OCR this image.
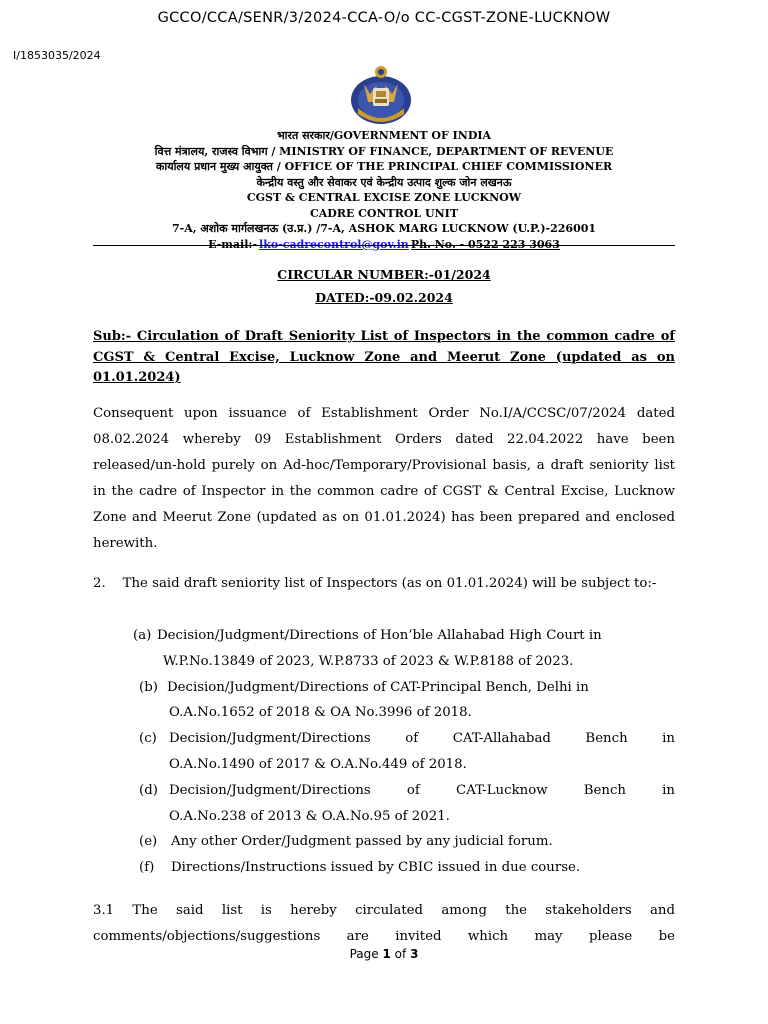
GCCO/CCA/SENR/3/2024-CCA-O/o CC-CGST-ZONE-LUCKNOW
I/1853035/2024
भारत सरकार/GOVERNMENT OF INDIA
वित्त मंत्रालय, राजस्व विभाग / MINISTRY OF FINANCE, DEPARTMENT OF REVENUE
कार्यालय प्रधान मुख्य आयुक्त / OFFICE OF THE PRINCIPAL CHIEF COMMISSIONER
केन्द्रीय वस्तु और सेवाकर एवं केन्द्रीय उत्पाद शुल्क जोन लखनऊ
CGST & CENTRAL EXCISE ZONE LUCKNOW
CADRE CONTROL UNIT
7-A, अशोक मार्गलखनऊ (उ.प्र.) /7-A, ASHOK MARG LUCKNOW (U.P.)-226001
E-mail:- lko-cadrecontrol@gov.in Ph. No. - 0522 223 3063
CIRCULAR NUMBER:-01/2024
DATED:-09.02.2024
Sub:- Circulation of Draft Seniority List of Inspectors in the common cadre of CGST & Central Excise, Lucknow Zone and Meerut Zone (updated as on 01.01.2024)
Consequent upon issuance of Establishment Order No.I/A/CCSC/07/2024 dated 08.02.2024 whereby 09 Establishment Orders dated 22.04.2022 have been released/un-hold purely on Ad-hoc/Temporary/Provisional basis, a draft seniority list in the cadre of Inspector in the common cadre of CGST & Central Excise, Lucknow Zone and Meerut Zone (updated as on 01.01.2024) has been prepared and enclosed herewith.
2.    The said draft seniority list of Inspectors (as on 01.01.2024) will be subject to:-
(a) Decision/Judgment/Directions of Hon’ble Allahabad High Court in
W.P.No.13849 of 2023, W.P.8733 of 2023 & W.P.8188 of 2023.
(b) Decision/Judgment/Directions of CAT-Principal Bench, Delhi in
O.A.No.1652 of 2018 & OA No.3996 of 2018.
(c) Decision/Judgment/Directions of CAT-Allahabad Bench in
O.A.No.1490 of 2017 & O.A.No.449 of 2018.
(d) Decision/Judgment/Directions of CAT-Lucknow Bench in
O.A.No.238 of 2013 & O.A.No.95 of 2021.
(e)	Any other Order/Judgment passed by any judicial forum.
(f)	Directions/Instructions issued by CBIC issued in due course.
3.1 The said list is hereby circulated among the stakeholders and comments/objections/suggestions are invited which may please be
Page 1 of 3
